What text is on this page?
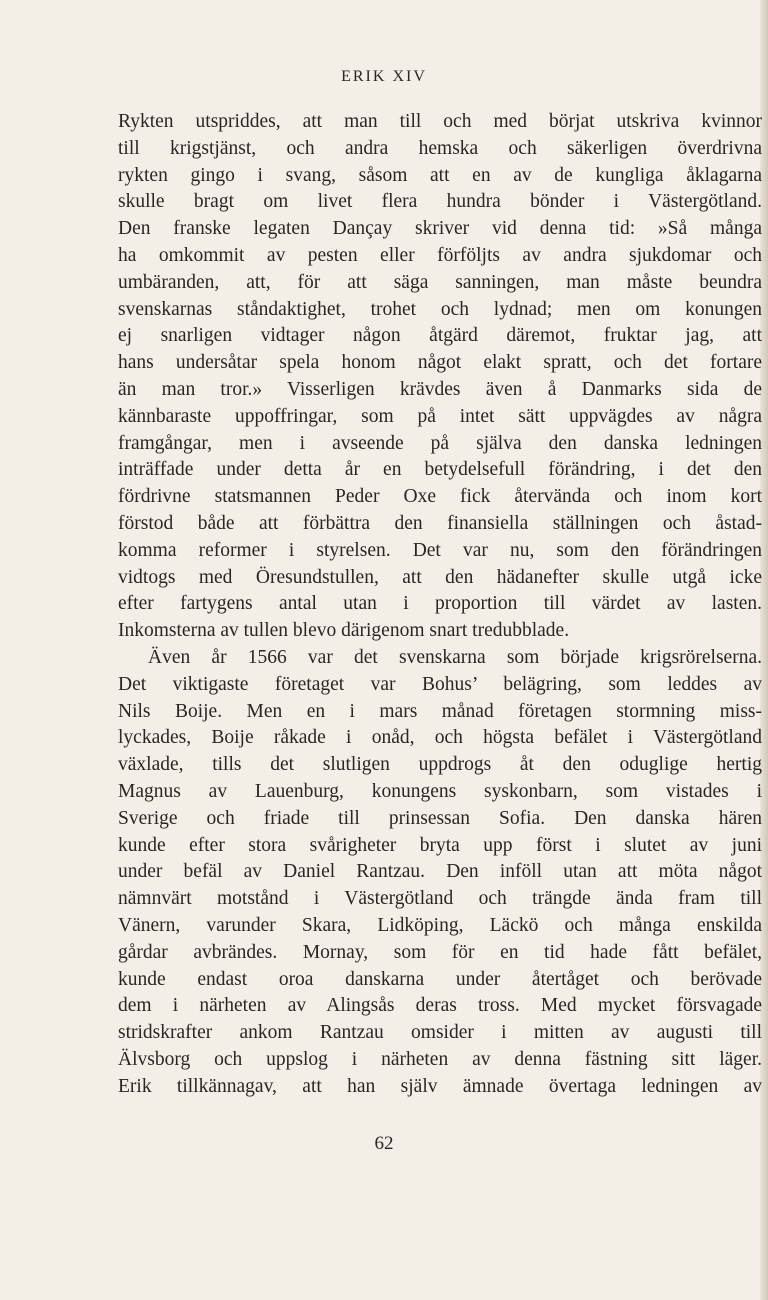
ERIK XIV
Rykten utspriddes, att man till och med börjat utskriva kvinnor
till krigstjänst, och andra hemska och säkerligen överdrivna
rykten gingo i svang, såsom att en av de kungliga åklagarna
skulle bragt om livet flera hundra bönder i Västergötland.
Den franske legaten Dançay skriver vid denna tid: »Så många
ha omkommit av pesten eller förföljts av andra sjukdomar och
umbäranden, att, för att säga sanningen, man måste beundra
svenskarnas ståndaktighet, trohet och lydnad; men om konungen
ej snarligen vidtager någon åtgärd däremot, fruktar jag, att
hans undersåtar spela honom något elakt spratt, och det fortare
än man tror.» Visserligen krävdes även å Danmarks sida de
kännbaraste uppoffringar, som på intet sätt uppvägdes av några
framgångar, men i avseende på själva den danska ledningen
inträffade under detta år en betydelsefull förändring, i det den
fördrivne statsmannen Peder Oxe fick återvända och inom kort
förstod både att förbättra den finansiella ställningen och åstad-
komma reformer i styrelsen. Det var nu, som den förändringen
vidtogs med Öresundstullen, att den hädanefter skulle utgå icke
efter fartygens antal utan i proportion till värdet av lasten.
Inkomsterna av tullen blevo därigenom snart tredubblade.
Även år 1566 var det svenskarna som började krigsrörelserna.
Det viktigaste företaget var Bohus’ belägring, som leddes av
Nils Boije. Men en i mars månad företagen stormning miss-
lyckades, Boije råkade i onåd, och högsta befälet i Västergötland
växlade, tills det slutligen uppdrogs åt den oduglige hertig
Magnus av Lauenburg, konungens syskonbarn, som vistades i
Sverige och friade till prinsessan Sofia. Den danska hären
kunde efter stora svårigheter bryta upp först i slutet av juni
under befäl av Daniel Rantzau. Den inföll utan att möta något
nämnvärt motstånd i Västergötland och trängde ända fram till
Vänern, varunder Skara, Lidköping, Läckö och många enskilda
gårdar avbrändes. Mornay, som för en tid hade fått befälet,
kunde endast oroa danskarna under återtåget och berövade
dem i närheten av Alingsås deras tross. Med mycket försvagade
stridskrafter ankom Rantzau omsider i mitten av augusti till
Älvsborg och uppslog i närheten av denna fästning sitt läger.
Erik tillkännagav, att han själv ämnade övertaga ledningen av
62
